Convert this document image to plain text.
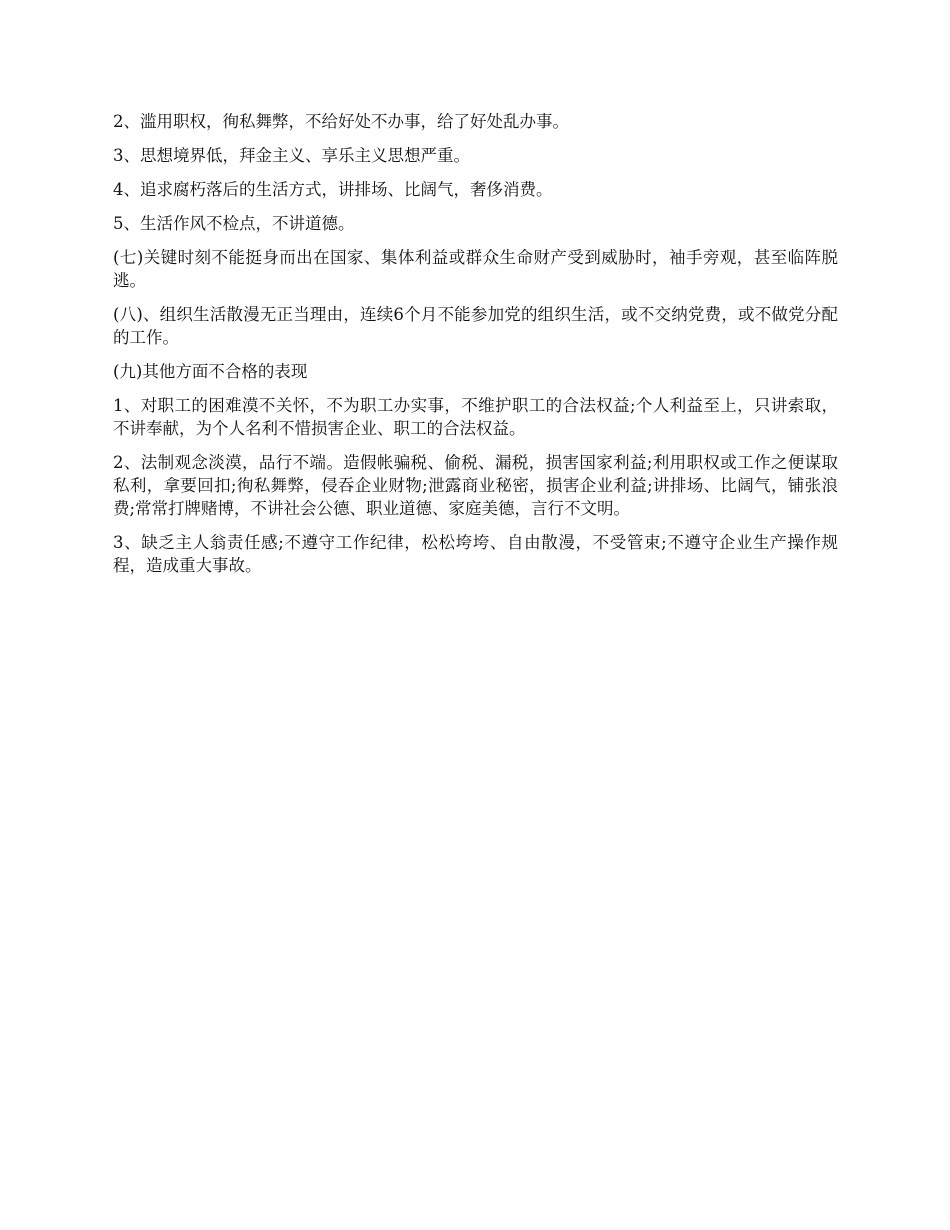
2、滥用职权，徇私舞弊，不给好处不办事，给了好处乱办事。

3、思想境界低，拜金主义、享乐主义思想严重。

4、追求腐朽落后的生活方式，讲排场、比阔气，奢侈消费。

5、生活作风不检点，不讲道德。

(七)关键时刻不能挺身而出在国家、集体利益或群众生命财产受到威胁时，袖手旁观，甚至临阵脱逃。

(八)、组织生活散漫无正当理由，连续6个月不能参加党的组织生活，或不交纳党费，或不做党分配的工作。

(九)其他方面不合格的表现

1、对职工的困难漠不关怀，不为职工办实事，不维护职工的合法权益;个人利益至上，只讲索取，不讲奉献，为个人名利不惜损害企业、职工的合法权益。

2、法制观念淡漠，品行不端。造假帐骗税、偷税、漏税，损害国家利益;利用职权或工作之便谋取私利，拿要回扣;徇私舞弊，侵吞企业财物;泄露商业秘密，损害企业利益;讲排场、比阔气，铺张浪费;常常打牌赌博，不讲社会公德、职业道德、家庭美德，言行不文明。

3、缺乏主人翁责任感;不遵守工作纪律，松松垮垮、自由散漫，不受管束;不遵守企业生产操作规程，造成重大事故。
